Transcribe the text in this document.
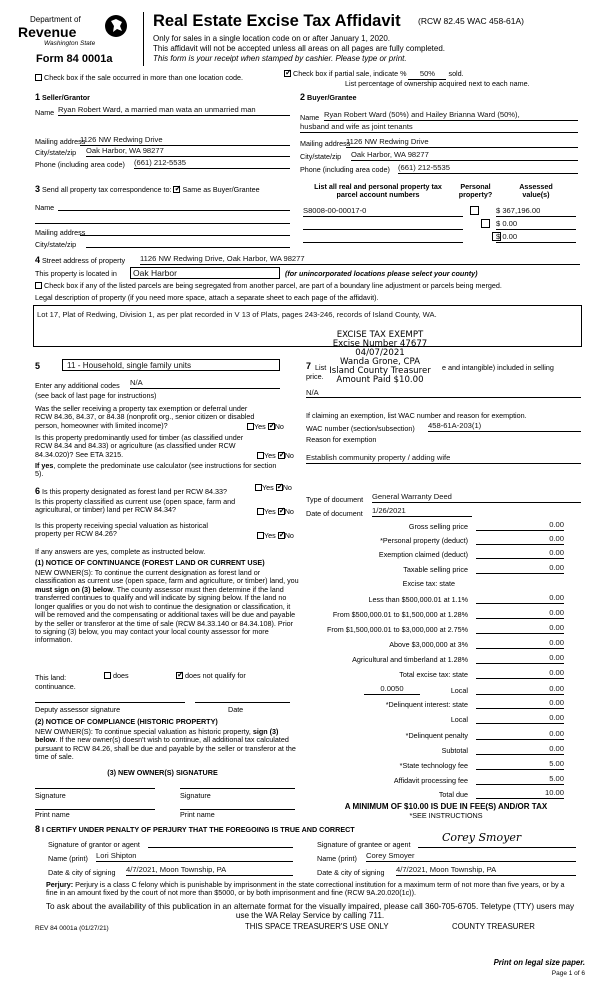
Department of
Revenue
Washington State
Form 84 0001a
Real Estate Excise Tax Affidavit (RCW 82.45 WAC 458-61A)
Only for sales in a single location code on or after January 1, 2020.
This affidavit will not be accepted unless all areas on all pages are fully completed.
This form is your receipt when stamped by cashier. Please type or print.
Check box if the sale occurred in more than one location code. ✓	Check box if partial sale, indicate % 50% sold.
List percentage of ownership acquired next to each name.
1 Seller/Grantor
Name Ryan Robert Ward, a married man wata an unmarried man
Mailing address
1126 NW Redwing Drive
City/state/zip Oak Harbor, WA 98277
Phone (including area code) (661) 212-5535
2 Buyer/Grantee
Name Ryan Robert Ward (50%) and Hailey Brianna Ward (50%),
husband and wife as joint tenants
Mailing address
1126 NW Redwing Drive
City/state/zip Oak Harbor, WA 98277
Phone (including area code) (661) 212-5535
3 Send all property tax correspondence to: ✓ Same as Buyer/Grantee
Name
Mailing address
City/state/zip
List all real and personal property tax parcel account numbers
Personal property?
Assessed value(s)
S8008-00-00017-0
	$ 367,196.00

$ 0.00
$ 0.00
4 Street address of property	1126 NW Redwing Drive, Oak Harbor, WA 98277
This property is located in	Oak Harbor	(for unincorporated locations please select your county)
Check box if any of the listed parcels are being segregated from another parcel, are part of a boundary line adjustment or parcels being merged.
Legal description of property (if you need more space, attach a separate sheet to each page of the affidavit).
Lot 17, Plat of Redwing, Division 1, as per plat recorded in V 13 of Plats, pages 243-246, records of Island County, WA.
EXCISE TAX EXEMPT
Excise Number 47677
04/07/2021
Wanda Grone, CPA
Island County Treasurer
Amount Paid $10.00
5	11 - Household, single family units
Enter any additional codes N/A
(see back of last page for instructions)
Was the seller receiving a property tax exemption or deferral under RCW 84.36, 84.37, or 84.38 (nonprofit org., senior citizen or disabled person, homeowner with limited income)?	Yes ✓ No
Is this property predominantly used for timber (as classified under RCW 84.34 and 84.33) or agriculture (as classified under RCW 84.34.020)? See ETA 3215.	Yes ✓ No
If yes, complete the predominate use calculator (see instructions for section 5).
7 List
price.
e and intangible) included in selling
N/A
If claiming an exemption, list WAC number and reason for exemption.
WAC number (section/subsection) 458-61A-203(1)
Reason for exemption
Establish community property / adding wife
6 Is this property designated as forest land per RCW 84.33?	Yes ✓ No
Is this property classified as current use (open space, farm and agricultural, or timber) land per RCW 84.34?	Yes ✓ No
Is this property receiving special valuation as historical property per RCW 84.26?	Yes ✓ No
If any answers are yes, complete as instructed below.
(1) NOTICE OF CONTINUANCE (FOREST LAND OR CURRENT USE)
NEW OWNER(S): To continue the current designation as forest land or classification as current use (open space, farm and agriculture, or timber) land, you must sign on (3) below. The county assessor must then determine if the land transferred continues to qualify and will indicate by signing below. If the land no longer qualifies or you do not wish to continue the designation or classification, it will be removed and the compensating or additional taxes will be due and payable by the seller or transferor at the time of sale (RCW 84.33.140 or 84.34.108). Prior to signing (3) below, you may contact your local county assessor for more information.
This land:	does ✓	does not qualify for
continuance.
Deputy assessor signature	Date
(2) NOTICE OF COMPLIANCE (HISTORIC PROPERTY)
NEW OWNER(S): To continue special valuation as historic property, sign (3) below. If the new owner(s) doesn't wish to continue, all additional tax calculated pursuant to RCW 84.26, shall be due and payable by the seller or transferor at the time of sale.
(3) NEW OWNER(S) SIGNATURE
Signature	Signature
Print name	Print name
Type of document General Warranty Deed
Date of document 1/26/2021
Gross selling price	0.00
*Personal property (deduct)	0.00
Exemption claimed (deduct)	0.00
Taxable selling price	0.00
Excise tax: state
Less than $500,000.01 at 1.1%	0.00
From $500,000.01 to $1,500,000 at 1.28%	0.00
From $1,500,000.01 to $3,000,000 at 2.75%	0.00
Above $3,000,000 at 3%	0.00
Agricultural and timberland at 1.28%	0.00
Total excise tax: state	0.00
0.0050	Local	0.00
*Delinquent interest: state	0.00
Local	0.00
*Delinquent penalty	0.00
Subtotal	0.00
*State technology fee	5.00
Affidavit processing fee	5.00
Total due	10.00
A MINIMUM OF $10.00 IS DUE IN FEE(S) AND/OR TAX
*SEE INSTRUCTIONS
8 I CERTIFY UNDER PENALTY OF PERJURY THAT THE FOREGOING IS TRUE AND CORRECT
Signature of grantor or agent
Name (print) Lori Shipton
Date & city of signing 4/7/2021, Moon Township, PA
Signature of grantee or agent
Corey Smoyer
Name (print) Corey Smoyer
Date & city of signing 4/7/2021, Moon Township, PA
Perjury: Perjury is a class C felony which is punishable by imprisonment in the state correctional institution for a maximum term of not more than five years, or by a fine in an amount fixed by the court of not more than $5000, or by both imprisonment and fine (RCW 9A.20.020(1c)).
To ask about the availability of this publication in an alternate format for the visually impaired, please call 360-705-6705. Teletype (TTY) users may use the WA Relay Service by calling 711.
REV 84 0001a (01/27/21)	THIS SPACE TREASURER'S USE ONLY	COUNTY TREASURER
Print on legal size paper.
Page 1 of 6
